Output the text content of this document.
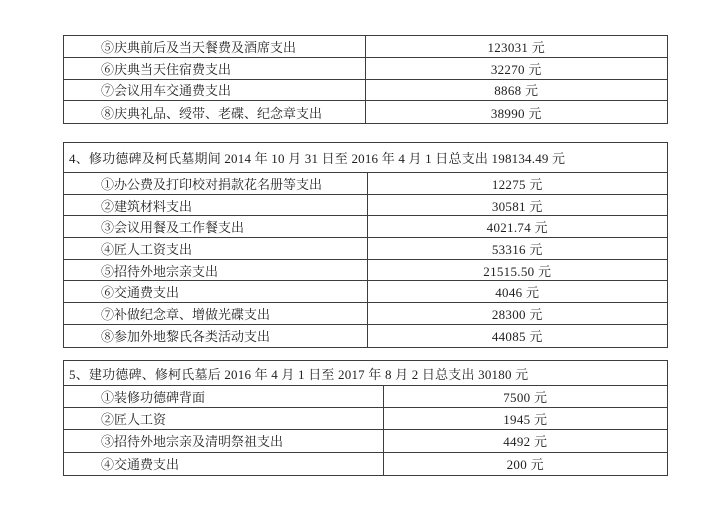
⑤庆典前后及当天餐费及酒席支出	123031 元
⑥庆典当天住宿费支出	32270 元
⑦会议用车交通费支出	8868 元
⑧庆典礼品、绶带、老碟、纪念章支出	38990 元
4、修功德碑及柯氏墓期间 2014 年 10 月 31 日至 2016 年 4 月 1 日总支出 198134.49 元
①办公费及打印校对捐款花名册等支出	12275 元
②建筑材料支出	30581 元
③会议用餐及工作餐支出	4021.74 元
④匠人工资支出	53316 元
⑤招待外地宗亲支出	21515.50 元
⑥交通费支出	4046 元
⑦补做纪念章、增做光碟支出	28300 元
⑧参加外地黎氏各类活动支出	44085 元
5、建功德碑、修柯氏墓后 2016 年 4 月 1 日至 2017 年 8 月 2 日总支出 30180 元
①装修功德碑背面	7500 元
②匠人工资	1945 元
③招待外地宗亲及清明祭祖支出	4492 元
④交通费支出	200 元
